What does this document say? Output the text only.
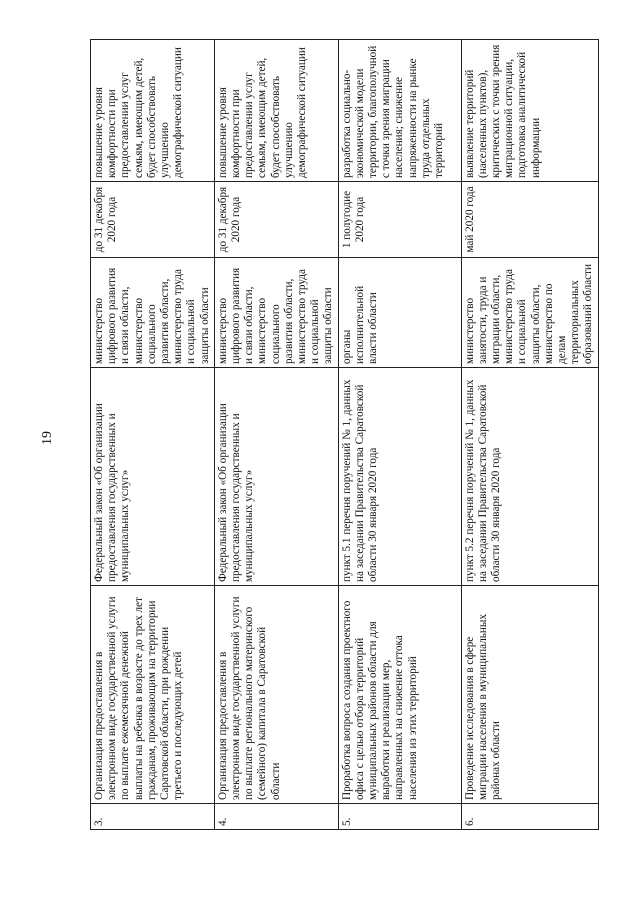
19
3.	Организация предоставления в электронном виде государственной услуги по выплате ежемесячной денежной выплаты на ребенка в возрасте до трех лет гражданам, проживающим на территории Саратовской области, при рождении третьего и последующих детей	Федеральный закон «Об организации предоставления государственных и муниципальных услуг»	министерство цифрового развития и связи области, министерство социального развития области, министерство труда и социальной защиты области	до 31 декабря 2020 года	повышение уровня комфортности при предоставлении услуг семьям, имеющим детей, будет способствовать улучшению демографической ситуации
4.	Организация предоставления в электронном виде государственной услуги по выплате регионального материнского (семейного) капитала в Саратовской области	Федеральный закон «Об организации предоставления государственных и муниципальных услуг»	министерство цифрового развития и связи области, министерство социального развития области, министерство труда и социальной защиты области	до 31 декабря 2020 года	повышение уровня комфортности при предоставлении услуг семьям, имеющим детей, будет способствовать улучшению демографической ситуации
5.	Проработка вопроса создания проектного офиса с целью отбора территорий муниципальных районов области для выработки и реализации мер, направленных на снижение оттока населения из этих территорий	пункт 5.1 перечня поручений № 1, данных на заседании Правительства Саратовской области 30 января 2020 года	органы исполнительной власти области	1 полугодие 2020 года	разработка социально-экономической модели территории, благополучной с точки зрения миграции населения; снижение напряженности на рынке труда отдельных территорий
6.	Проведение исследования в сфере миграции населения в муниципальных районах области	пункт 5.2 перечня поручений № 1, данных на заседании Правительства Саратовской области 30 января 2020 года	министерство занятости, труда и миграции области, министерство труда и социальной защиты области, министерство по делам территориальных образований области	май 2020 года	выявление территорий (населенных пунктов), критических с точки зрения миграционной ситуации, подготовка аналитической информации
